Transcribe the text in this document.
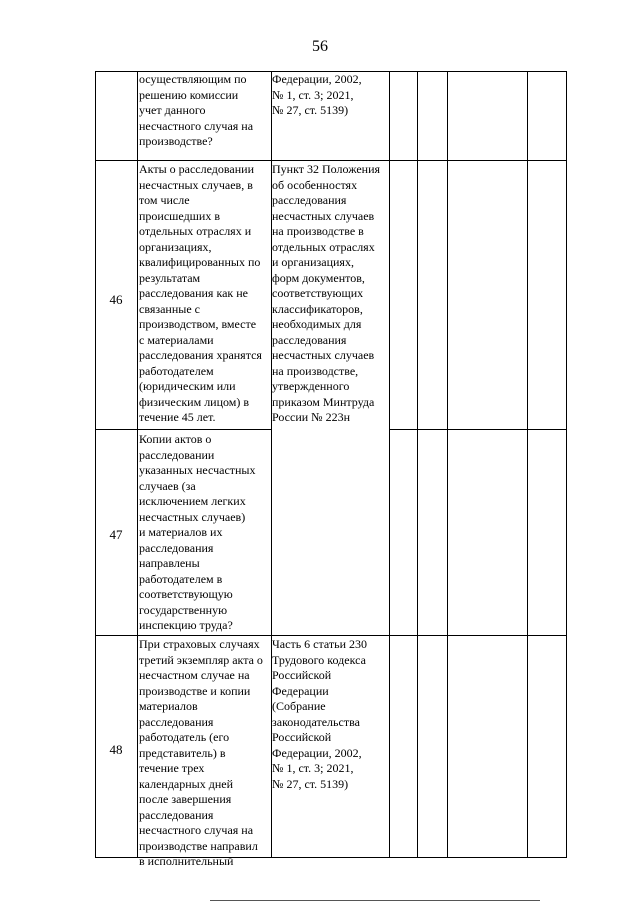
56
осуществляющим по
решению комиссии
учет данного
несчастного случая на
производстве?
Федерации, 2002,
№ 1, ст. 3; 2021,
№ 27, ст. 5139)
46
Акты о расследовании
несчастных случаев, в
том числе
происшедших в
отдельных отраслях и
организациях,
квалифицированных по
результатам
расследования как не
связанные с
производством, вместе
с материалами
расследования хранятся
работодателем
(юридическим или
физическим лицом) в
течение 45 лет.
Пункт 32 Положения
об особенностях
расследования
несчастных случаев
на производстве в
отдельных отраслях
и организациях,
форм документов,
соответствующих
классификаторов,
необходимых для
расследования
несчастных случаев
на производстве,
утвержденного
приказом Минтруда
России № 223н
47
Копии актов о
расследовании
указанных несчастных
случаев (за
исключением легких
несчастных случаев)
и материалов их
расследования
направлены
работодателем в
соответствующую
государственную
инспекцию труда?
48
При страховых случаях
третий экземпляр акта о
несчастном случае на
производстве и копии
материалов
расследования
работодатель (его
представитель) в
течение трех
календарных дней
после завершения
расследования
несчастного случая на
производстве направил
в исполнительный
Часть 6 статьи 230
Трудового кодекса
Российской
Федерации
(Собрание
законодательства
Российской
Федерации, 2002,
№ 1, ст. 3; 2021,
№ 27, ст. 5139)
